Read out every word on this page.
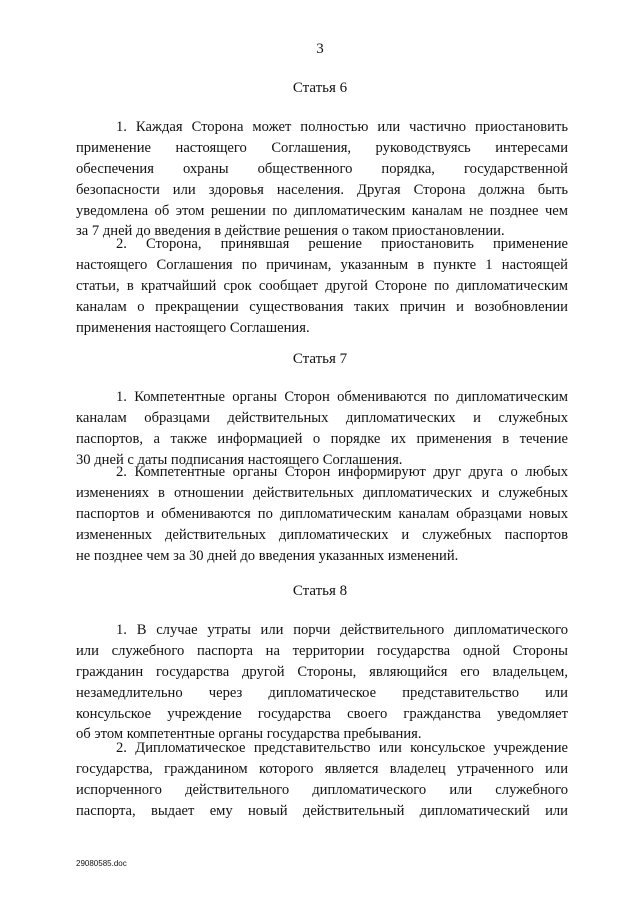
3
Статья 6
1. Каждая Сторона может полностью или частично приостановить
применение настоящего Соглашения, руководствуясь интересами
обеспечения охраны общественного порядка, государственной
безопасности или здоровья населения. Другая Сторона должна быть
уведомлена об этом решении по дипломатическим каналам не позднее чем
за 7 дней до введения в действие решения о таком приостановлении.
2. Сторона, принявшая решение приостановить применение
настоящего Соглашения по причинам, указанным в пункте 1 настоящей
статьи, в кратчайший срок сообщает другой Стороне по дипломатическим
каналам о прекращении существования таких причин и возобновлении
применения настоящего Соглашения.
Статья 7
1. Компетентные органы Сторон обмениваются по дипломатическим
каналам образцами действительных дипломатических и служебных
паспортов, а также информацией о порядке их применения в течение
30 дней с даты подписания настоящего Соглашения.
2. Компетентные органы Сторон информируют друг друга о любых
изменениях в отношении действительных дипломатических и служебных
паспортов и обмениваются по дипломатическим каналам образцами новых
измененных действительных дипломатических и служебных паспортов
не позднее чем за 30 дней до введения указанных изменений.
Статья 8
1. В случае утраты или порчи действительного дипломатического
или служебного паспорта на территории государства одной Стороны
гражданин государства другой Стороны, являющийся его владельцем,
незамедлительно через дипломатическое представительство или
консульское учреждение государства своего гражданства уведомляет
об этом компетентные органы государства пребывания.
2. Дипломатическое представительство или консульское учреждение
государства, гражданином которого является владелец утраченного или
испорченного действительного дипломатического или служебного
паспорта, выдает ему новый действительный дипломатический или
29080585.doc
